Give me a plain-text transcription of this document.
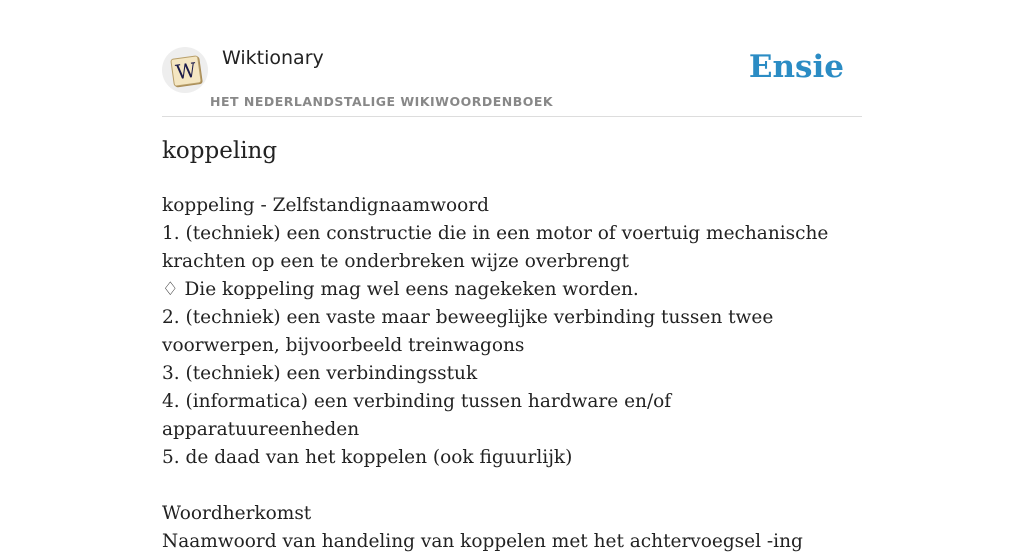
W Wiktionary
HET NEDERLANDSTALIGE WIKIWOORDENBOEK
Ensie
koppeling

koppeling - Zelfstandignaamwoord

1. (techniek) een constructie die in een motor of voertuig mechanische krachten op een te onderbreken wijze overbrengt

♢ Die koppeling mag wel eens nagekeken worden.

2. (techniek) een vaste maar beweeglijke verbinding tussen twee voorwerpen, bijvoorbeeld treinwagons

3. (techniek) een verbindingsstuk

4. (informatica) een verbinding tussen hardware en/of apparatuureenheden

5. de daad van het koppelen (ook figuurlijk)

Woordherkomst

Naamwoord van handeling van koppelen met het achtervoegsel -ing
